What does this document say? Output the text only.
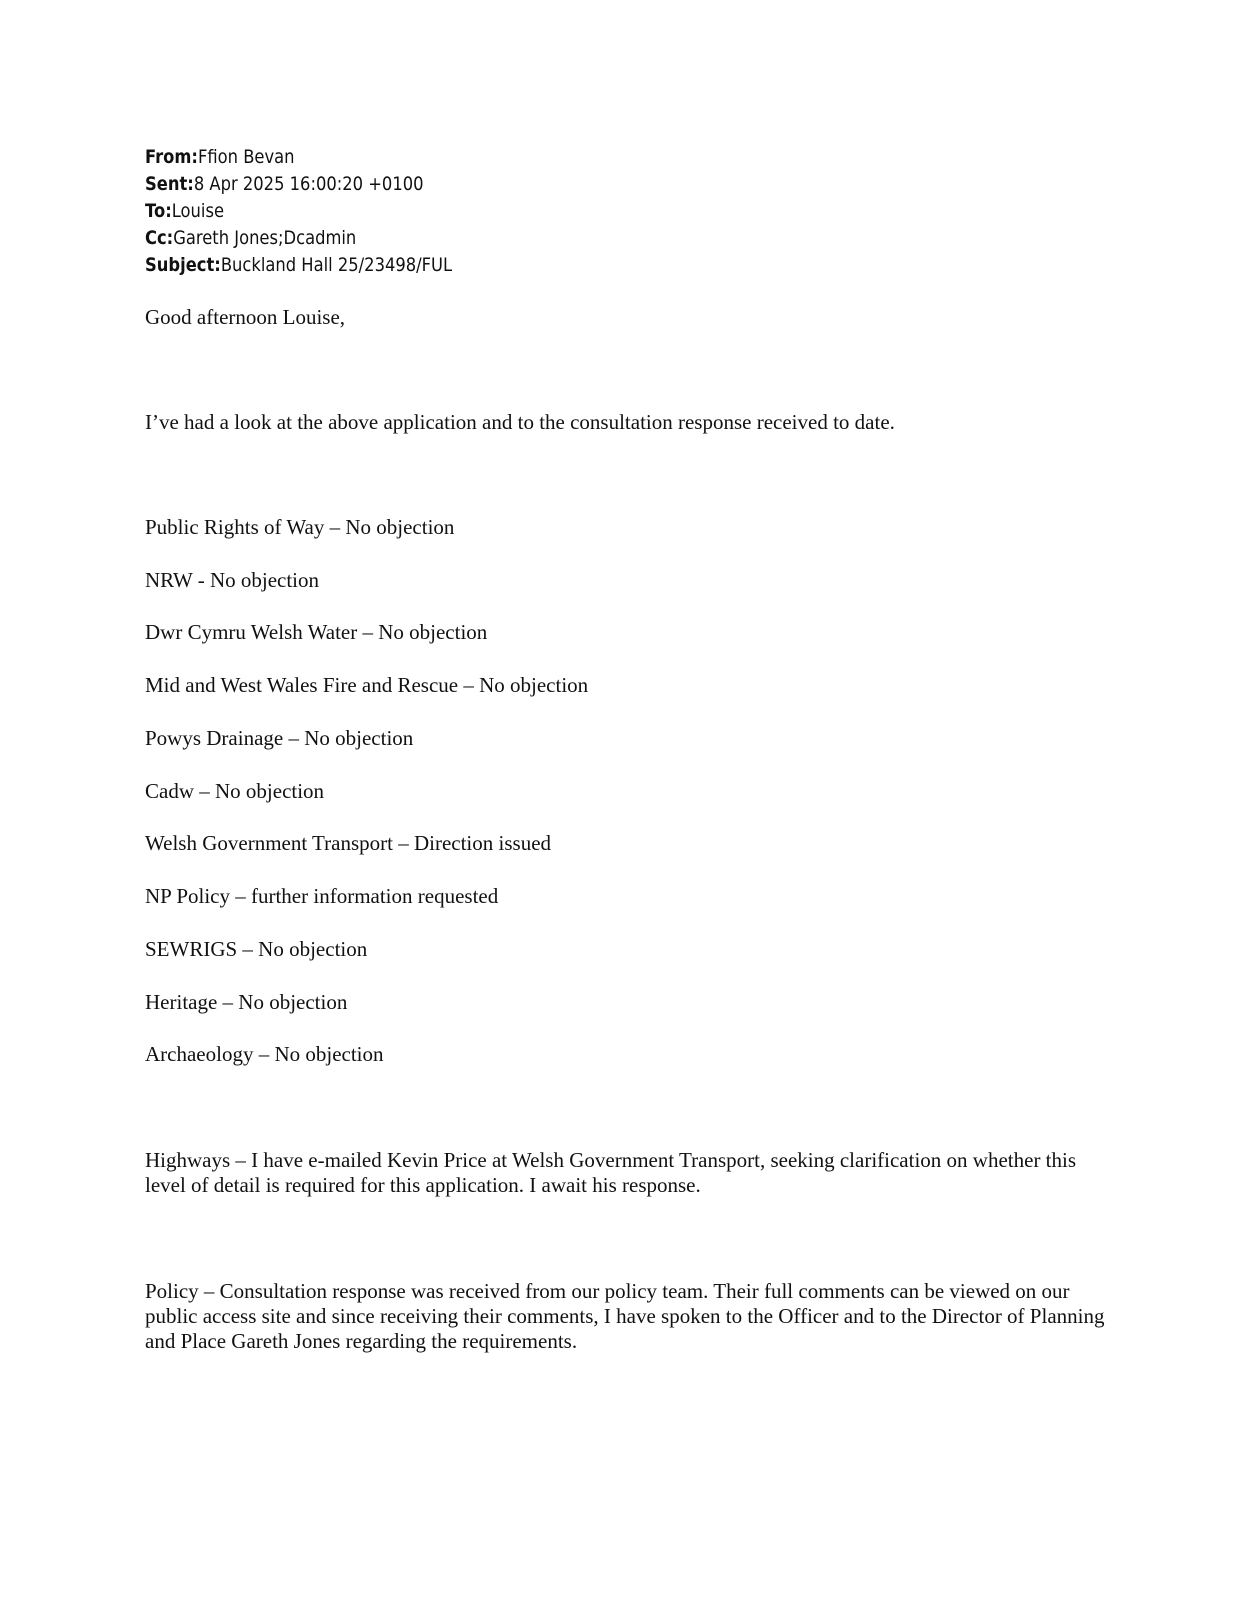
From:Ffion Bevan
Sent:8 Apr 2025 16:00:20 +0100
To:Louise
Cc:Gareth Jones;Dcadmin
Subject:Buckland Hall 25/23498/FUL
Good afternoon Louise,
I’ve had a look at the above application and to the consultation response received to date.
Public Rights of Way – No objection
NRW - No objection
Dwr Cymru Welsh Water – No objection
Mid and West Wales Fire and Rescue – No objection
Powys Drainage – No objection
Cadw – No objection
Welsh Government Transport – Direction issued
NP Policy – further information requested
SEWRIGS – No objection
Heritage – No objection
Archaeology – No objection
Highways – I have e-mailed Kevin Price at Welsh Government Transport, seeking clarification on whether this level of detail is required for this application. I await his response.
Policy – Consultation response was received from our policy team. Their full comments can be viewed on our public access site and since receiving their comments, I have spoken to the Officer and to the Director of Planning and Place Gareth Jones regarding the requirements.
